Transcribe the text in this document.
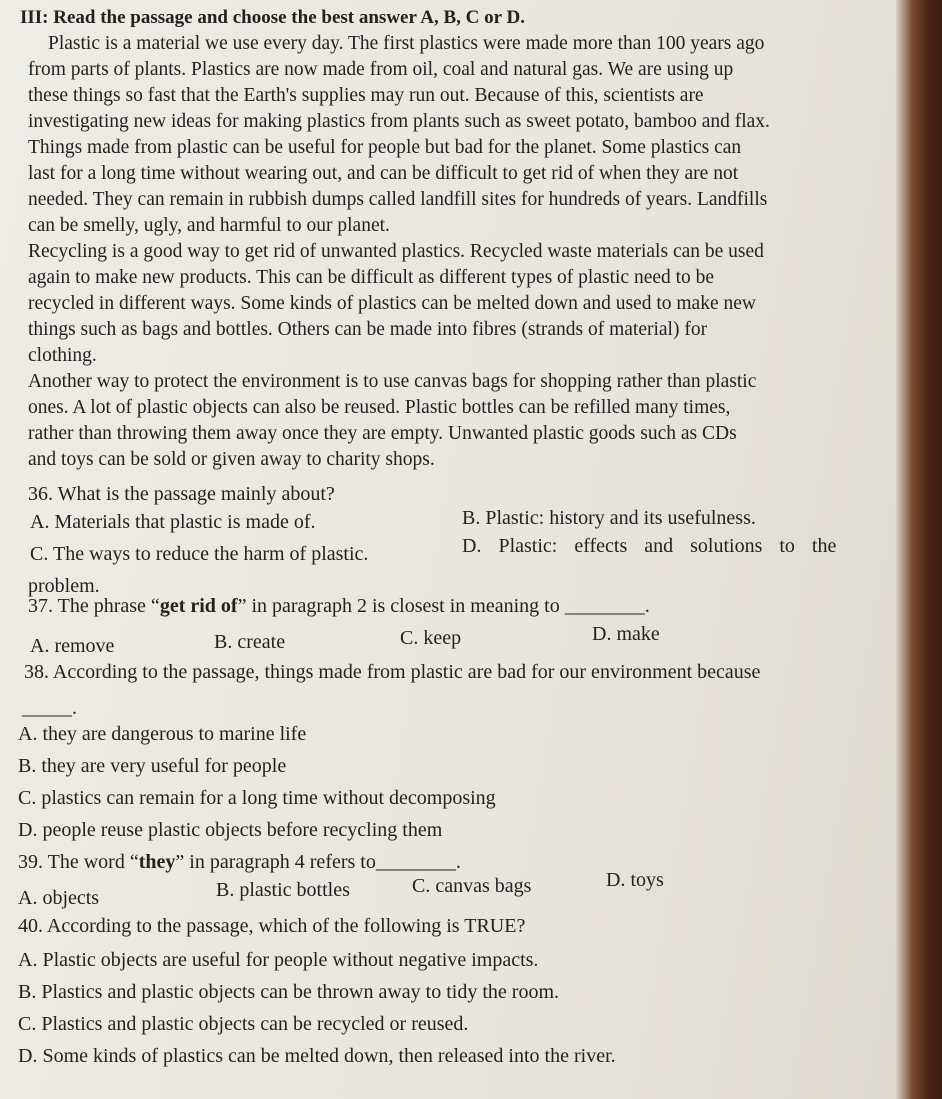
III: Read the passage and choose the best answer A, B, C or D.
Plastic is a material we use every day. The first plastics were made more than 100 years ago
from parts of plants. Plastics are now made from oil, coal and natural gas. We are using up
these things so fast that the Earth's supplies may run out. Because of this, scientists are
investigating new ideas for making plastics from plants such as sweet potato, bamboo and flax.
Things made from plastic can be useful for people but bad for the planet. Some plastics can
last for a long time without wearing out, and can be difficult to get rid of when they are not
needed. They can remain in rubbish dumps called landfill sites for hundreds of years. Landfills
can be smelly, ugly, and harmful to our planet.
Recycling is a good way to get rid of unwanted plastics. Recycled waste materials can be used
again to make new products. This can be difficult as different types of plastic need to be
recycled in different ways. Some kinds of plastics can be melted down and used to make new
things such as bags and bottles. Others can be made into fibres (strands of material) for
clothing.
Another way to protect the environment is to use canvas bags for shopping rather than plastic
ones. A lot of plastic objects can also be reused. Plastic bottles can be refilled many times,
rather than throwing them away once they are empty. Unwanted plastic goods such as CDs
and toys can be sold or given away to charity shops.
36. What is the passage mainly about?
A. Materials that plastic is made of.	B. Plastic: history and its usefulness.
C. The ways to reduce the harm of plastic.	D. Plastic: effects and solutions to the
problem.
37. The phrase “get rid of” in paragraph 2 is closest in meaning to ________.
A. remove	B. create	C. keep	D. make
38. According to the passage, things made from plastic are bad for our environment because
_____.
A. they are dangerous to marine life
B. they are very useful for people
C. plastics can remain for a long time without decomposing
D. people reuse plastic objects before recycling them
39. The word “they” in paragraph 4 refers to________.
A. objects	B. plastic bottles	C. canvas bags	D. toys
40. According to the passage, which of the following is TRUE?
A. Plastic objects are useful for people without negative impacts.
B. Plastics and plastic objects can be thrown away to tidy the room.
C. Plastics and plastic objects can be recycled or reused.
D. Some kinds of plastics can be melted down, then released into the river.
